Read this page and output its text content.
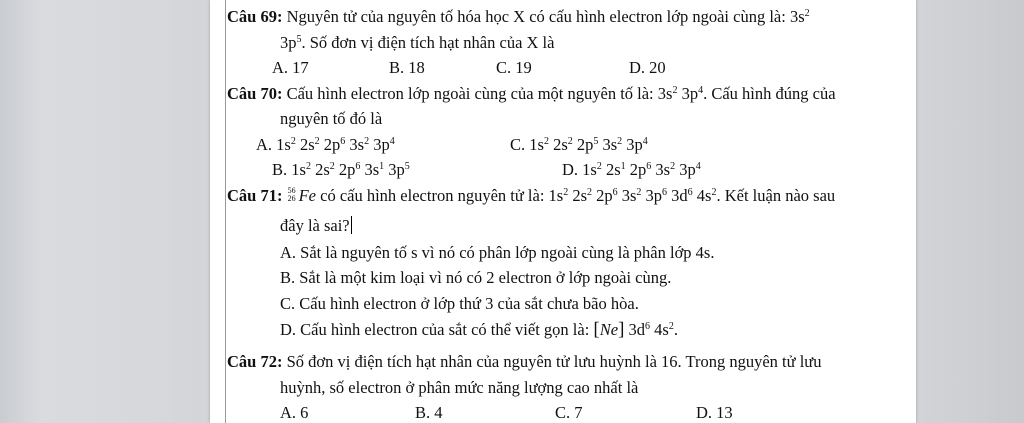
Câu 69: Nguyên tử của nguyên tố hóa học X có cấu hình electron lớp ngoài cùng là: $3s^2$
$3p^5$. Số đơn vị điện tích hạt nhân của X là
A. 17	B. 18	C. 19	D. 20
Câu 70: Cấu hình electron lớp ngoài cùng của một nguyên tố là: $3s^2$ $3p^4$. Cấu hình đúng của
nguyên tố đó là
A. $1s^2$ $2s^2$ $2p^6$ $3s^2$ $3p^4$	C. $1s^2$ $2s^2$ $2p^5$ $3s^2$ $3p^4$
B. $1s^2$ $2s^2$ $2p^6$ $3s^1$ $3p^5$	D. $1s^2$ $2s^1$ $2p^6$ $3s^2$ $3p^4$
Câu 71: 56
26 Fe có cấu hình electron nguyên tử là: $1s^2$ $2s^2$ $2p^6$ $3s^2$ $3p^6$ $3d^6$ $4s^2$. Kết luận nào sau
đây là sai?
A. Sắt là nguyên tố s vì nó có phân lớp ngoài cùng là phân lớp 4s.
B. Sắt là một kim loại vì nó có 2 electron ở lớp ngoài cùng.
C. Cấu hình electron ở lớp thứ 3 của sắt chưa bão hòa.
D. Cấu hình electron của sắt có thể viết gọn là: [Ne] $3d^6$ $4s^2$.
Câu 72: Số đơn vị điện tích hạt nhân của nguyên tử lưu huỳnh là 16. Trong nguyên tử lưu
huỳnh, số electron ở phân mức năng lượng cao nhất là
A. 6	B. 4	C. 7	D. 13
